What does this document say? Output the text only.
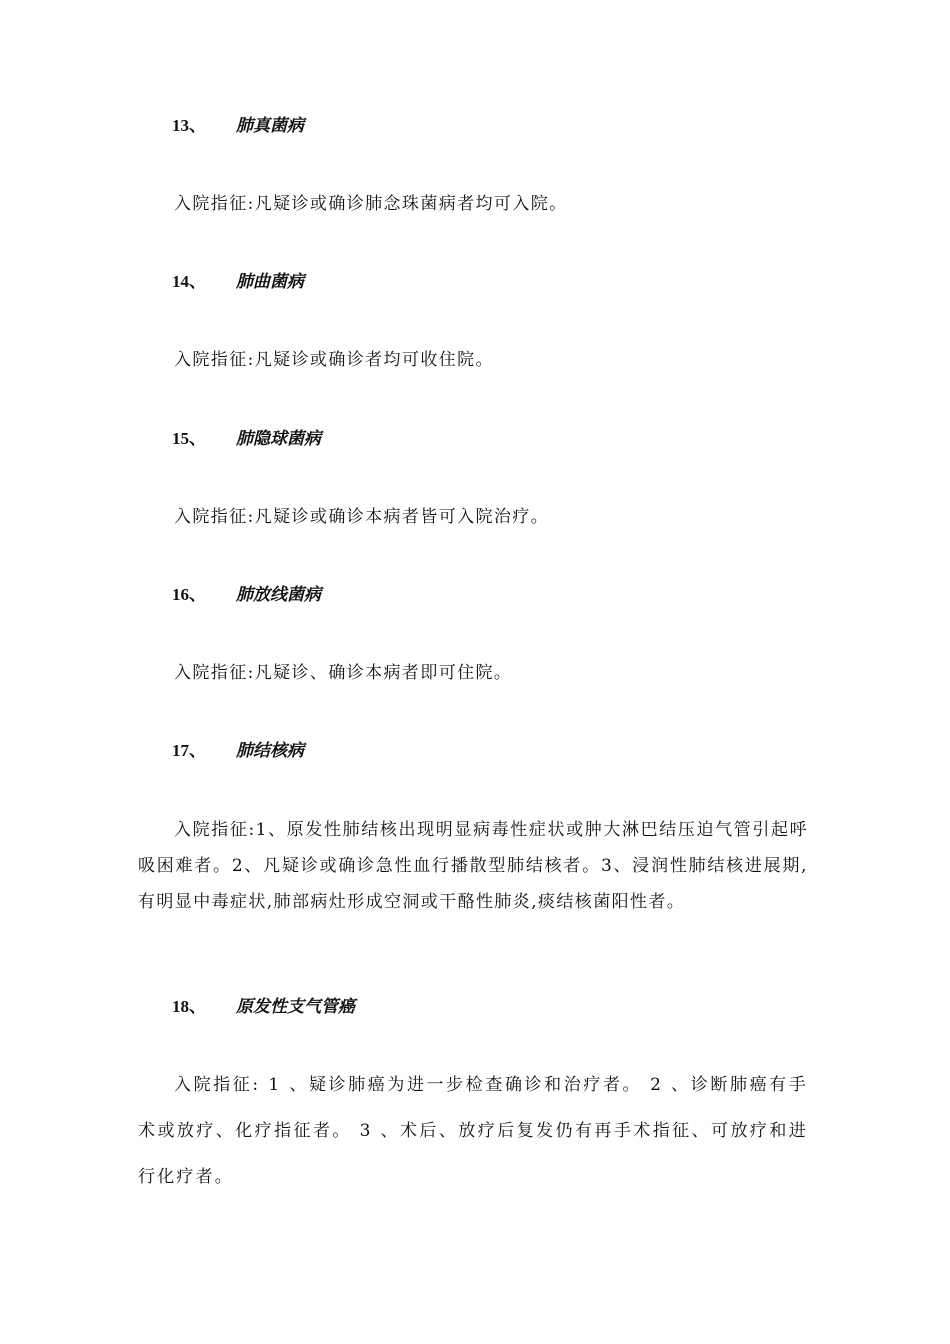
13、 肺真菌病

入院指征:凡疑诊或确诊肺念珠菌病者均可入院。

14、 肺曲菌病

入院指征:凡疑诊或确诊者均可收住院。

15、 肺隐球菌病

入院指征:凡疑诊或确诊本病者皆可入院治疗。

16、 肺放线菌病

入院指征:凡疑诊、确诊本病者即可住院。

17、 肺结核病

入院指征:1、原发性肺结核出现明显病毒性症状或肿大淋巴结压迫气管引起呼吸困难者。2、凡疑诊或确诊急性血行播散型肺结核者。3、浸润性肺结核进展期,有明显中毒症状,肺部病灶形成空洞或干酪性肺炎,痰结核菌阳性者。

18、 原发性支气管癌

入院指征: 1 、疑诊肺癌为进一步检查确诊和治疗者。 2 、诊断肺癌有手术或放疗、化疗指征者。 3 、术后、放疗后复发仍有再手术指征、可放疗和进行化疗者。
